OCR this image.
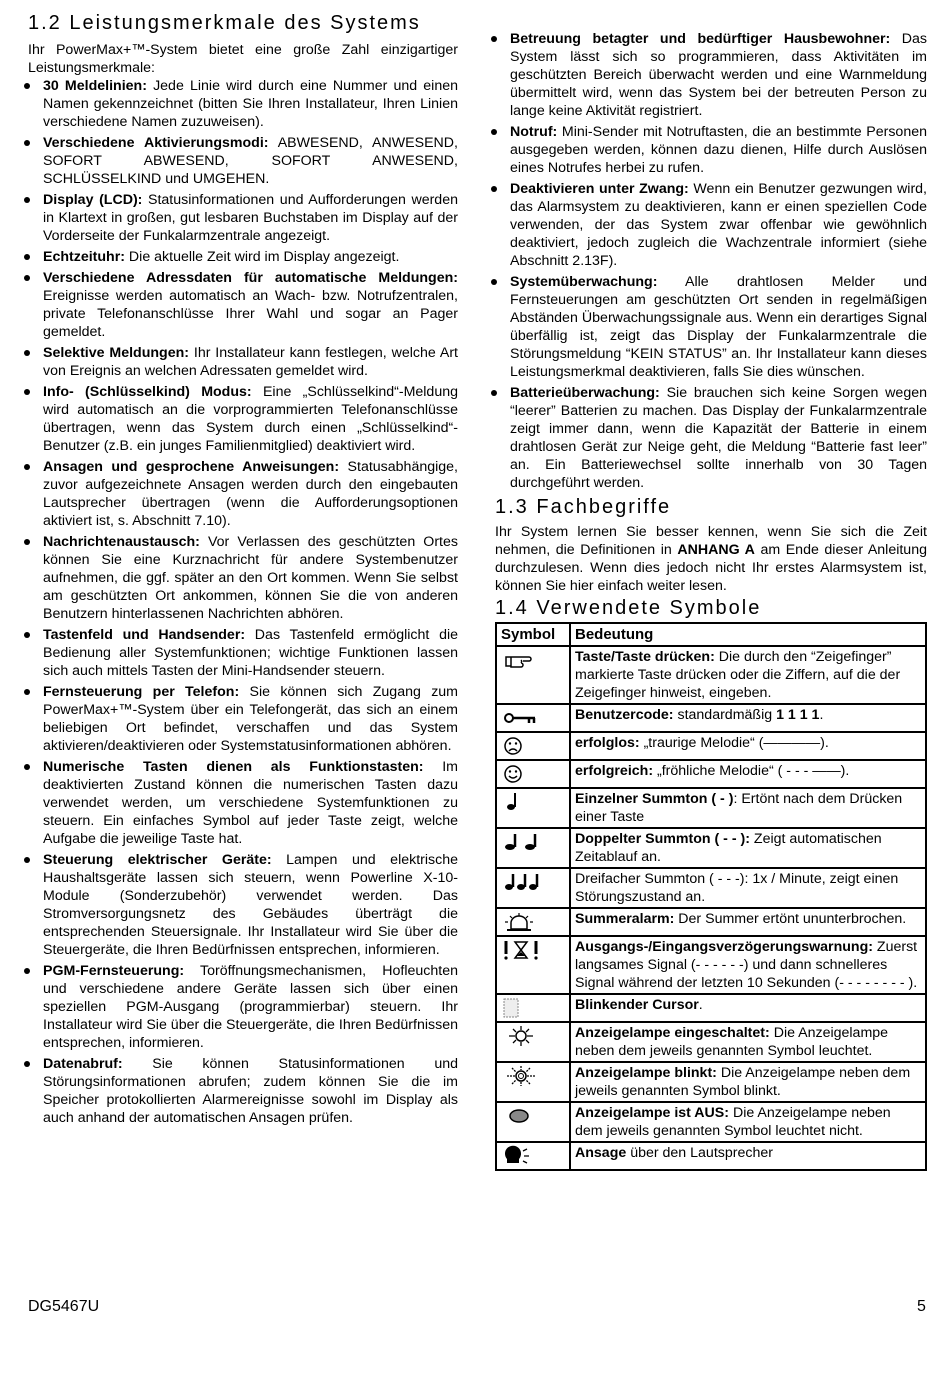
1.2 Leistungsmerkmale des Systems

Ihr PowerMax+™-System bietet eine große Zahl einzigartiger Leistungsmerkmale:

30 Meldelinien: Jede Linie wird durch eine Nummer und einen Namen gekennzeichnet (bitten Sie Ihren Installateur, Ihren Linien verschiedene Namen zuzuweisen).
Verschiedene Aktivierungsmodi: ABWESEND, ANWESEND, SOFORT ABWESEND, SOFORT ANWESEND, SCHLÜSSELKIND und UMGEHEN.
Display (LCD): Statusinformationen und Aufforderungen werden in Klartext in großen, gut lesbaren Buchstaben im Display auf der Vorderseite der Funkalarmzentrale angezeigt.
Echtzeituhr: Die aktuelle Zeit wird im Display angezeigt.
Verschiedene Adressdaten für automatische Meldungen: Ereignisse werden automatisch an Wach- bzw. Notrufzentralen, private Telefonanschlüsse Ihrer Wahl und sogar an Pager gemeldet.
Selektive Meldungen: Ihr Installateur kann festlegen, welche Art von Ereignis an welchen Adressaten gemeldet wird.
Info- (Schlüsselkind) Modus: Eine „Schlüsselkind“-Meldung wird automatisch an die vorprogrammierten Telefonanschlüsse übertragen, wenn das System durch einen „Schlüsselkind“-Benutzer (z.B. ein junges Familienmitglied) deaktiviert wird.
Ansagen und gesprochene Anweisungen: Statusabhängige, zuvor aufgezeichnete Ansagen werden durch den eingebauten Lautsprecher übertragen (wenn die Aufforderungsoptionen aktiviert ist, s. Abschnitt 7.10).
Nachrichtenaustausch: Vor Verlassen des geschützten Ortes können Sie eine Kurznachricht für andere Systembenutzer aufnehmen, die ggf. später an den Ort kommen. Wenn Sie selbst am geschützten Ort ankommen, können Sie die von anderen Benutzern hinterlassenen Nachrichten abhören.
Tastenfeld und Handsender: Das Tastenfeld ermöglicht die Bedienung aller Systemfunktionen; wichtige Funktionen lassen sich auch mittels Tasten der Mini-Handsender steuern.
Fernsteuerung per Telefon: Sie können sich Zugang zum PowerMax+™-System über ein Telefongerät, das sich an einem beliebigen Ort befindet, verschaffen und das System aktivieren/deaktivieren oder Systemstatusinformationen abhören.
Numerische Tasten dienen als Funktionstasten: Im deaktivierten Zustand können die numerischen Tasten dazu verwendet werden, um verschiedene Systemfunktionen zu steuern. Ein einfaches Symbol auf jeder Taste zeigt, welche Aufgabe die jeweilige Taste hat.
Steuerung elektrischer Geräte: Lampen und elektrische Haushaltsgeräte lassen sich steuern, wenn Powerline X-10-Module (Sonderzubehör) verwendet werden. Das Stromversorgungsnetz des Gebäudes überträgt die entsprechenden Steuersignale. Ihr Installateur wird Sie über die Steuergeräte, die Ihren Bedürfnissen entsprechen, informieren.
PGM-Fernsteuerung: Toröffnungsmechanismen, Hofleuchten und verschiedene andere Geräte lassen sich über einen speziellen PGM-Ausgang (programmierbar) steuern. Ihr Installateur wird Sie über die Steuergeräte, die Ihren Bedürfnissen entsprechen, informieren.
Datenabruf: Sie können Statusinformationen und Störungsinformationen abrufen; zudem können Sie die im Speicher protokollierten Alarmereignisse sowohl im Display als auch anhand der automatischen Ansagen prüfen.
Betreuung betagter und bedürftiger Hausbewohner: Das System lässt sich so programmieren, dass Aktivitäten im geschützten Bereich überwacht werden und eine Warnmeldung übermittelt wird, wenn das System bei der betreuten Person zu lange keine Aktivität registriert.
Notruf: Mini-Sender mit Notruftasten, die an bestimmte Personen ausgegeben werden, können dazu dienen, Hilfe durch Auslösen eines Notrufes herbei zu rufen.
Deaktivieren unter Zwang: Wenn ein Benutzer gezwungen wird, das Alarmsystem zu deaktivieren, kann er einen speziellen Code verwenden, der das System zwar offenbar wie gewöhnlich deaktiviert, jedoch zugleich die Wachzentrale informiert (siehe Abschnitt 2.13F).
Systemüberwachung: Alle drahtlosen Melder und Fernsteuerungen am geschützten Ort senden in regelmäßigen Abständen Überwachungssignale aus. Wenn ein derartiges Signal überfällig ist, zeigt das Display der Funkalarmzentrale die Störungsmeldung “KEIN STATUS” an. Ihr Installateur kann dieses Leistungsmerkmal deaktivieren, falls Sie dies wünschen.
Batterieüberwachung: Sie brauchen sich keine Sorgen wegen “leerer” Batterien zu machen. Das Display der Funkalarmzentrale zeigt immer dann, wenn die Kapazität der Batterie in einem drahtlosen Gerät zur Neige geht, die Meldung “Batterie fast leer” an. Ein Batteriewechsel sollte innerhalb von 30 Tagen durchgeführt werden.
1.3 Fachbegriffe

Ihr System lernen Sie besser kennen, wenn Sie sich die Zeit nehmen, die Definitionen in ANHANG A am Ende dieser Anleitung durchzulesen. Wenn dies jedoch nicht Ihr erstes Alarmsystem ist, können Sie hier einfach weiter lesen.

1.4 Verwendete Symbole
Symbol	Bedeutung

	Taste/Taste drücken: Die durch den “Zeigefinger” markierte Taste drücken oder die Ziffern, auf die der Zeigefinger hinweist, eingeben.

	Benutzercode: standardmäßig 1 1 1 1.

	erfolglos: „traurige Melodie“ (————).

	erfolgreich: „fröhliche Melodie“ ( - - - ——).

	Einzelner Summton ( - ): Ertönt nach dem Drücken einer Taste

	Doppelter Summton ( - - ): Zeigt automatischen Zeitablauf an.

	Dreifacher Summton ( - - -): 1x / Minute, zeigt einen Störungszustand an.

	Summeralarm: Der Summer ertönt ununterbrochen.

	Ausgangs-/Eingangsverzögerungswarnung: Zuerst langsames Signal (- - - - - -) und dann schnelleres Signal während der letzten 10 Sekunden (- - - - - - - - ).

	Blinkender Cursor.

	Anzeigelampe eingeschaltet: Die Anzeigelampe neben dem jeweils genannten Symbol leuchtet.

	Anzeigelampe blinkt: Die Anzeigelampe neben dem jeweils genannten Symbol blinkt.

	Anzeigelampe ist AUS: Die Anzeigelampe neben dem jeweils genannten Symbol leuchtet nicht.

	Ansage über den Lautsprecher
DG5467U	5
